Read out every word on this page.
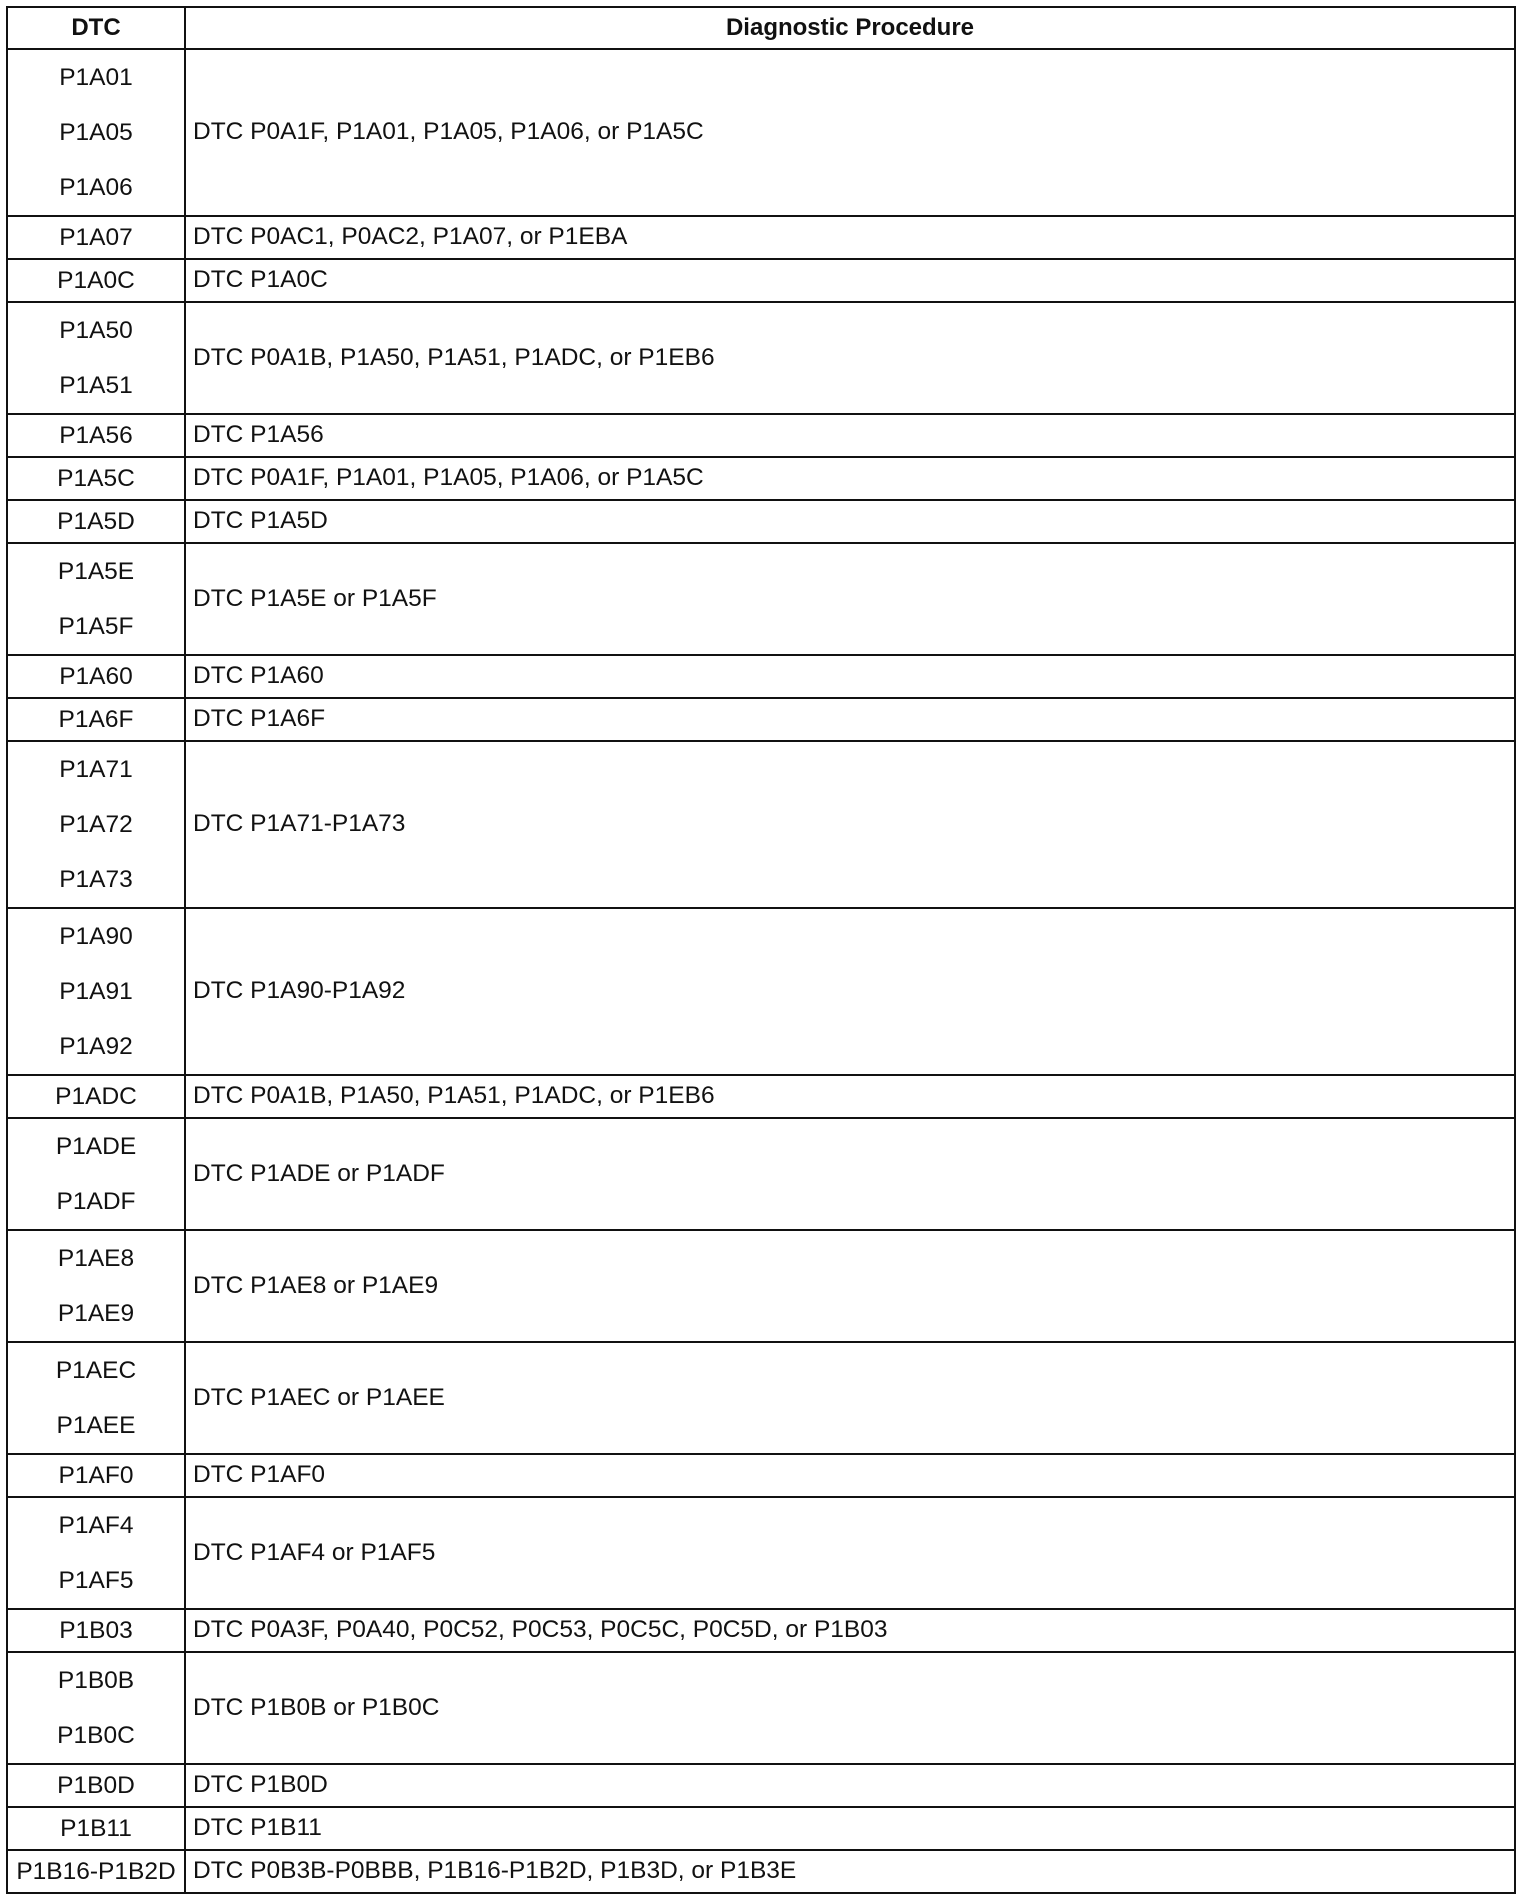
DTC	Diagnostic Procedure

P1A01
P1A05
P1A06	DTC P0A1F, P1A01, P1A05, P1A06, or P1A5C

P1A07	DTC P0AC1, P0AC2, P1A07, or P1EBA

P1A0C	DTC P1A0C

P1A50
P1A51	DTC P0A1B, P1A50, P1A51, P1ADC, or P1EB6

P1A56	DTC P1A56

P1A5C	DTC P0A1F, P1A01, P1A05, P1A06, or P1A5C

P1A5D	DTC P1A5D

P1A5E
P1A5F	DTC P1A5E or P1A5F

P1A60	DTC P1A60

P1A6F	DTC P1A6F

P1A71
P1A72
P1A73	DTC P1A71-P1A73

P1A90
P1A91
P1A92	DTC P1A90-P1A92

P1ADC	DTC P0A1B, P1A50, P1A51, P1ADC, or P1EB6

P1ADE
P1ADF	DTC P1ADE or P1ADF

P1AE8
P1AE9	DTC P1AE8 or P1AE9

P1AEC
P1AEE	DTC P1AEC or P1AEE

P1AF0	DTC P1AF0

P1AF4
P1AF5	DTC P1AF4 or P1AF5

P1B03	DTC P0A3F, P0A40, P0C52, P0C53, P0C5C, P0C5D, or P1B03

P1B0B
P1B0C	DTC P1B0B or P1B0C

P1B0D	DTC P1B0D

P1B11	DTC P1B11

P1B16-P1B2D	DTC P0B3B-P0BBB, P1B16-P1B2D, P1B3D, or P1B3E
